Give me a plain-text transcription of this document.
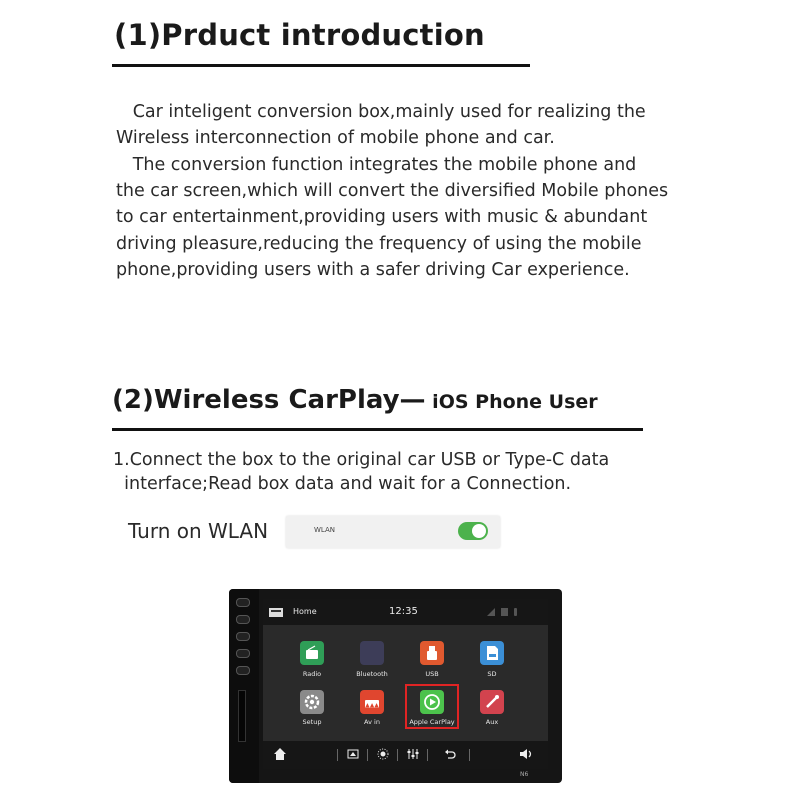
(1)Prduct introduction
Car inteligent conversion box,mainly used for realizing the
Wireless interconnection of mobile phone and car.
The conversion function integrates the mobile phone and
the car screen,which will convert the diversified Mobile phones
to car entertainment,providing users with music & abundant
driving pleasure,reducing the frequency of using the mobile
phone,providing users with a safer driving Car experience.
(2)Wireless CarPlay— iOS Phone User
1.Connect the box to the original car USB or Type-C data
interface;Read box data and wait for a Connection.
Turn on WLAN	WLAN
N6
Home	12:35
Radio	Bluetooth	USB	SD
Setup
▲▲▲
Av in	Apple CarPlay	Aux
